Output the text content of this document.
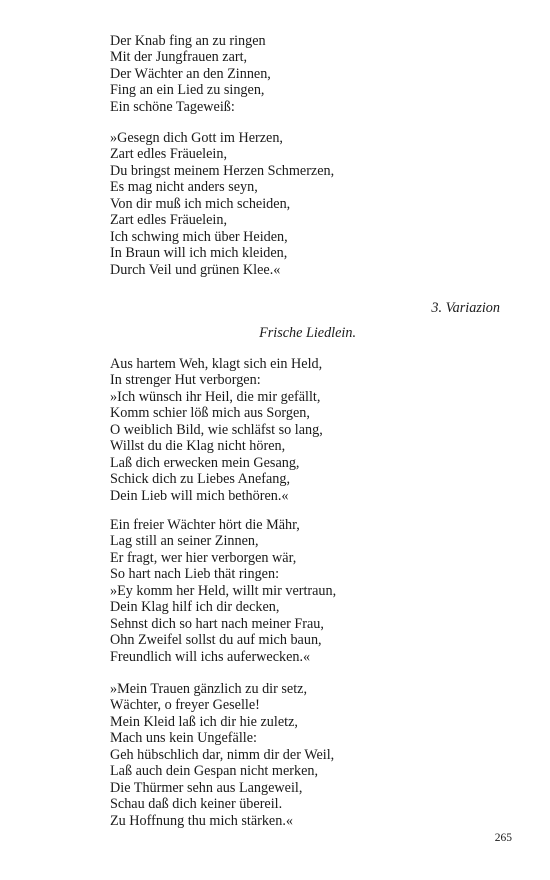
Der Knab fing an zu ringen
Mit der Jungfrauen zart,
Der Wächter an den Zinnen,
Fing an ein Lied zu singen,
Ein schöne Tageweiß:
»Gesegn dich Gott im Herzen,
Zart edles Fräuelein,
Du bringst meinem Herzen Schmerzen,
Es mag nicht anders seyn,
Von dir muß ich mich scheiden,
Zart edles Fräuelein,
Ich schwing mich über Heiden,
In Braun will ich mich kleiden,
Durch Veil und grünen Klee.«
3. Variazion
Frische Liedlein.
Aus hartem Weh, klagt sich ein Held,
In strenger Hut verborgen:
»Ich wünsch ihr Heil, die mir gefällt,
Komm schier löß mich aus Sorgen,
O weiblich Bild, wie schläfst so lang,
Willst du die Klag nicht hören,
Laß dich erwecken mein Gesang,
Schick dich zu Liebes Anefang,
Dein Lieb will mich bethören.«
Ein freier Wächter hört die Mähr,
Lag still an seiner Zinnen,
Er fragt, wer hier verborgen wär,
So hart nach Lieb thät ringen:
»Ey komm her Held, willt mir vertraun,
Dein Klag hilf ich dir decken,
Sehnst dich so hart nach meiner Frau,
Ohn Zweifel sollst du auf mich baun,
Freundlich will ichs auferwecken.«
»Mein Trauen gänzlich zu dir setz,
Wächter, o freyer Geselle!
Mein Kleid laß ich dir hie zuletz,
Mach uns kein Ungefälle:
Geh hübschlich dar, nimm dir der Weil,
Laß auch dein Gespan nicht merken,
Die Thürmer sehn aus Langeweil,
Schau daß dich keiner übereil.
Zu Hoffnung thu mich stärken.«
265
